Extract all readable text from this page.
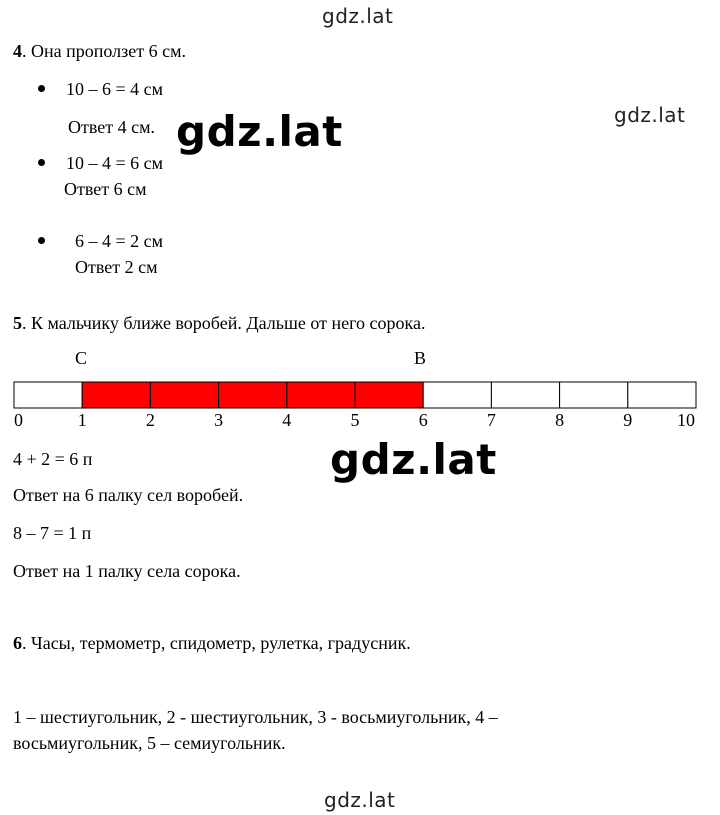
gdz.lat
gdz.lat
gdz.lat
4. Она проползет 6 см.
10 – 6 = 4 см
Ответ 4 см.
10 – 4 = 6 см
Ответ 6 см
6 – 4 = 2 см
Ответ 2 см
5. К мальчику ближе воробей. Дальше от него сорока.
С	В
0	1	2	3	4	5	6	7	8	9 10
gdz.lat
4 + 2 = 6 п
Ответ на 6 палку сел воробей.
8 – 7 = 1 п
Ответ на 1 палку села сорока.
6. Часы, термометр, спидометр, рулетка, градусник.
1 – шестиугольник, 2 - шестиугольник, 3 - восьмиугольник, 4 –
восьмиугольник, 5 – семиугольник.
gdz.lat
